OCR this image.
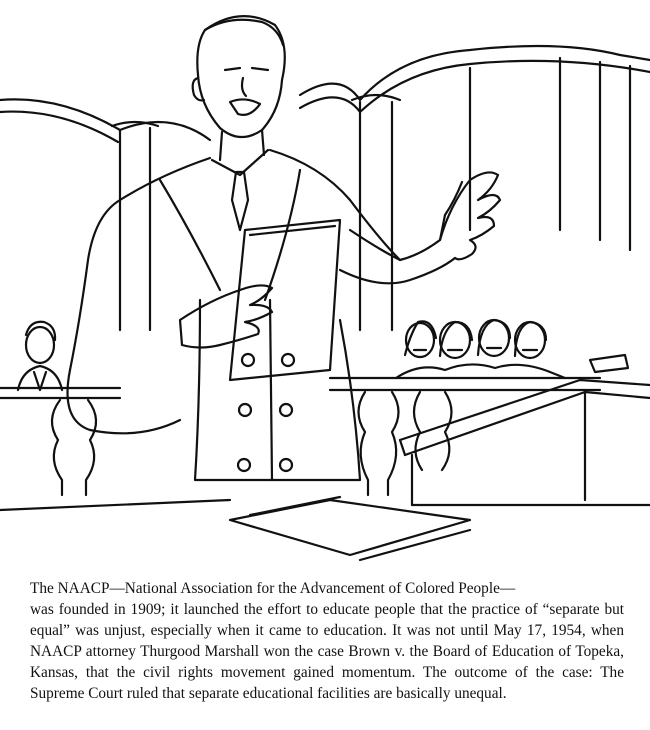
The NAACP—National Association for the Advancement of Colored People—
was founded in 1909; it launched the effort to educate people that the practice of “separate but equal” was unjust, especially when it came to education. It was not until May 17, 1954, when NAACP attorney Thurgood Marshall won the case Brown v. the Board of Education of Topeka, Kansas, that the civil rights movement gained momentum. The outcome of the case: The Supreme Court ruled that separate educational facilities are basically unequal.
